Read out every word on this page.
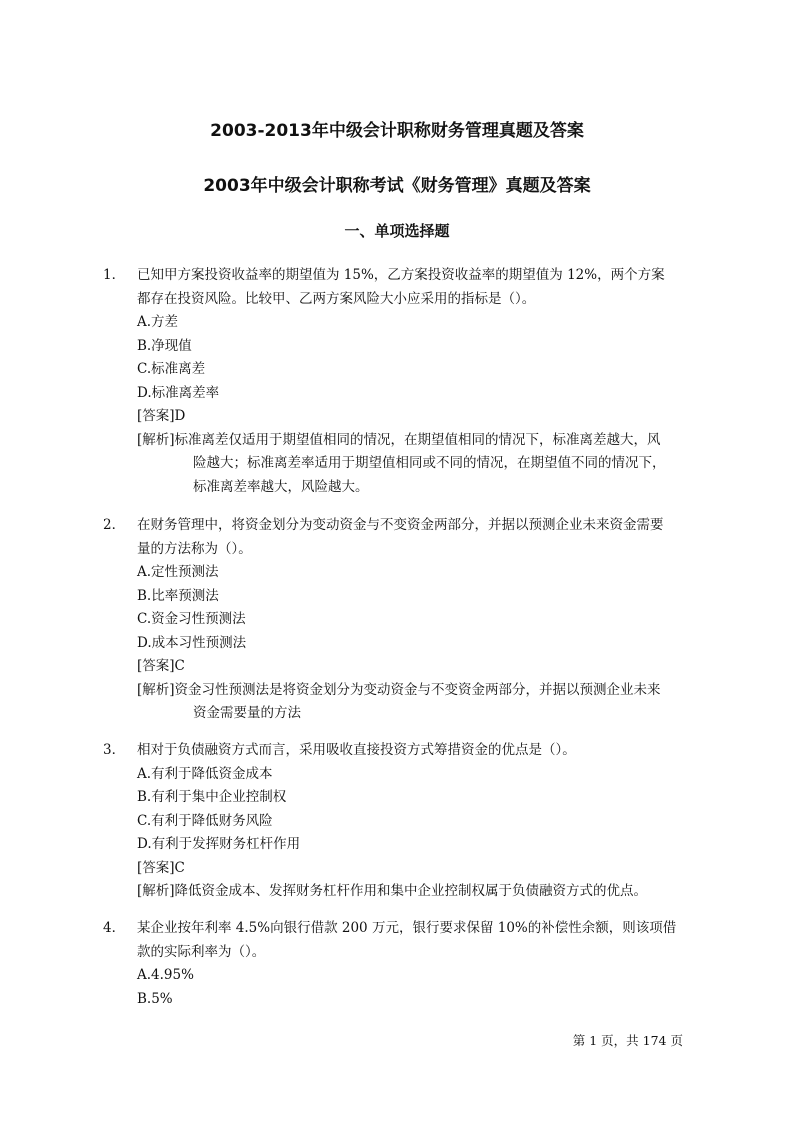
2003-2013年中级会计职称财务管理真题及答案
2003年中级会计职称考试《财务管理》真题及答案
一、单项选择题
1． 已知甲方案投资收益率的期望值为 15%，乙方案投资收益率的期望值为 12%，两个方案
都存在投资风险。比较甲、乙两方案风险大小应采用的指标是（）。
A.方差
B.净现值
C.标准离差
D.标准离差率
[答案]D
[解析]标准离差仅适用于期望值相同的情况，在期望值相同的情况下，标准离差越大，风
险越大；标准离差率适用于期望值相同或不同的情况，在期望值不同的情况下，
标准离差率越大，风险越大。
2． 在财务管理中，将资金划分为变动资金与不变资金两部分，并据以预测企业未来资金需要
量的方法称为（）。
A.定性预测法
B.比率预测法
C.资金习性预测法
D.成本习性预测法
[答案]C
[解析]资金习性预测法是将资金划分为变动资金与不变资金两部分，并据以预测企业未来
资金需要量的方法
3． 相对于负债融资方式而言，采用吸收直接投资方式筹措资金的优点是（）。
A.有利于降低资金成本
B.有利于集中企业控制权
C.有利于降低财务风险
D.有利于发挥财务杠杆作用
[答案]C
[解析]降低资金成本、发挥财务杠杆作用和集中企业控制权属于负债融资方式的优点。
4． 某企业按年利率 4.5%向银行借款 200 万元，银行要求保留 10%的补偿性余额，则该项借
款的实际利率为（）。
A.4.95%
B.5%
第 1 页，共 174 页
